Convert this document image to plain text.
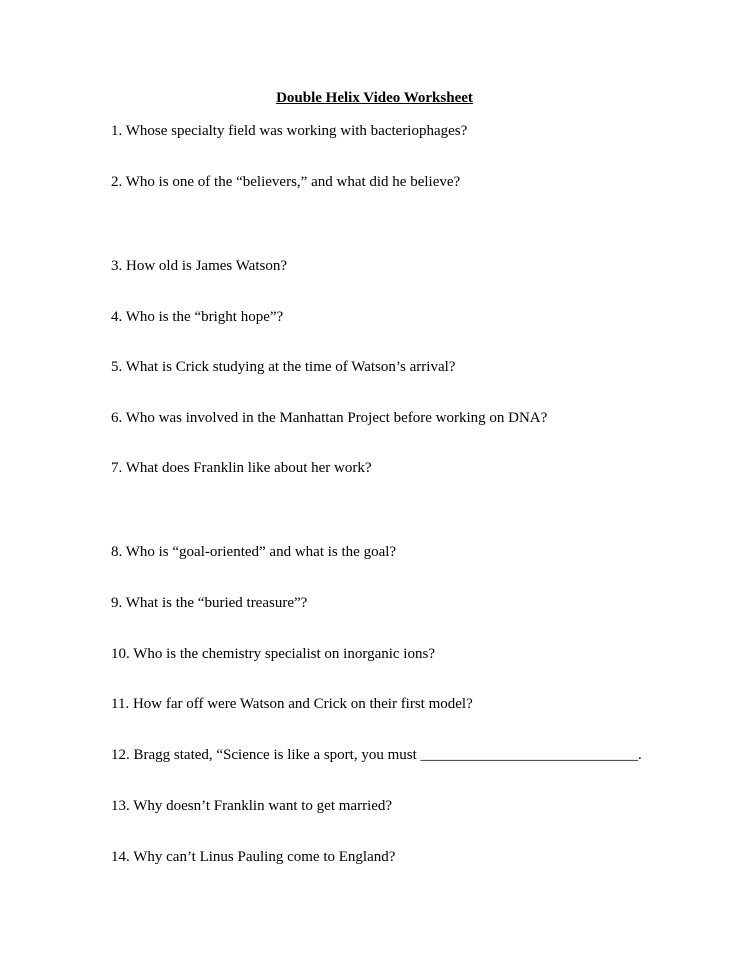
Double Helix Video Worksheet
1. Whose specialty field was working with bacteriophages?
2. Who is one of the “believers,” and what did he believe?
3. How old is James Watson?
4. Who is the “bright hope”?
5. What is Crick studying at the time of Watson’s arrival?
6. Who was involved in the Manhattan Project before working on DNA?
7. What does Franklin like about her work?
8. Who is “goal-oriented” and what is the goal?
9. What is the “buried treasure”?
10. Who is the chemistry specialist on inorganic ions?
11. How far off were Watson and Crick on their first model?
12. Bragg stated, “Science is like a sport, you must _____________________________.
13. Why doesn’t Franklin want to get married?
14. Why can’t Linus Pauling come to England?
